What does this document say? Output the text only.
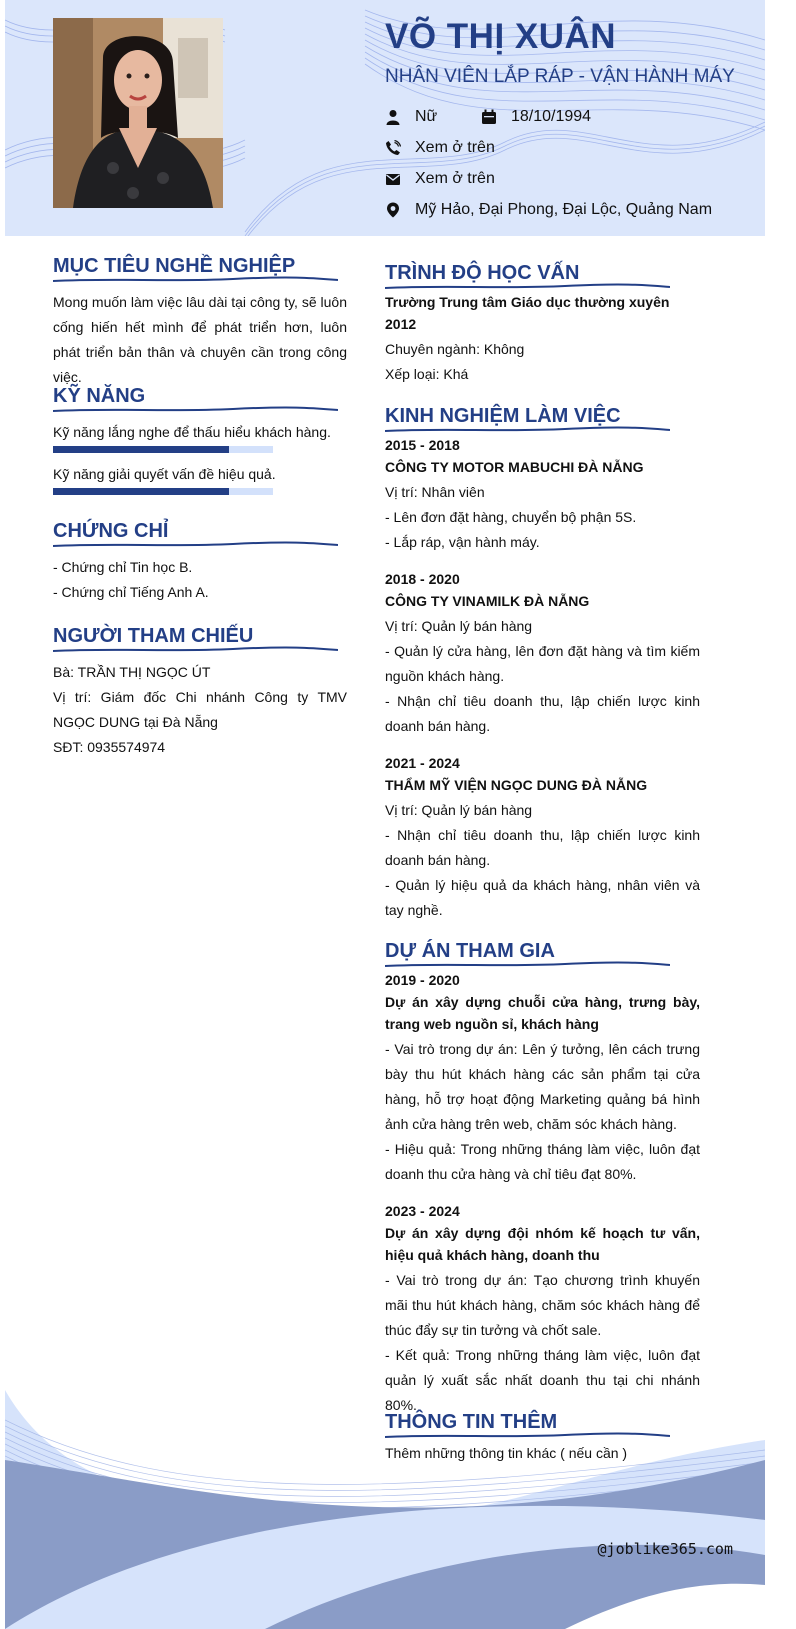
VÕ THỊ XUÂN
NHÂN VIÊN LẮP RÁP - VẬN HÀNH MÁY
Nữ	18/10/1994
Xem ở trên
Xem ở trên
Mỹ Hảo, Đại Phong, Đại Lộc, Quảng Nam
MỤC TIÊU NGHỀ NGHIỆP
Mong muốn làm việc lâu dài tại công ty, sẽ luôn cống hiến hết mình để phát triển hơn, luôn phát triển bản thân và chuyên cần trong công việc.
KỸ NĂNG
Kỹ năng lắng nghe để thấu hiểu khách hàng.
Kỹ năng giải quyết vấn đề hiệu quả.
CHỨNG CHỈ
- Chứng chỉ Tin học B.
- Chứng chỉ Tiếng Anh A.
NGƯỜI THAM CHIẾU
Bà: TRẦN THỊ NGỌC ÚT
Vị trí: Giám đốc Chi nhánh Công ty TMV NGỌC DUNG tại Đà Nẵng
SĐT: 0935574974
TRÌNH ĐỘ HỌC VẤN
Trường Trung tâm Giáo dục thường xuyên
2012
Chuyên ngành: Không
Xếp loại: Khá
KINH NGHIỆM LÀM VIỆC
2015 - 2018
CÔNG TY MOTOR MABUCHI ĐÀ NẴNG
Vị trí: Nhân viên
- Lên đơn đặt hàng, chuyển bộ phận 5S.
- Lắp ráp, vận hành máy.
2018 - 2020
CÔNG TY VINAMILK ĐÀ NẴNG
Vị trí: Quản lý bán hàng
- Quản lý cửa hàng, lên đơn đặt hàng và tìm kiếm nguồn khách hàng.
- Nhận chỉ tiêu doanh thu, lập chiến lược kinh doanh bán hàng.
2021 - 2024
THẨM MỸ VIỆN NGỌC DUNG ĐÀ NẴNG
Vị trí: Quản lý bán hàng
- Nhận chỉ tiêu doanh thu, lập chiến lược kinh doanh bán hàng.
- Quản lý hiệu quả da khách hàng, nhân viên và tay nghề.
DỰ ÁN THAM GIA
2019 - 2020
Dự án xây dựng chuỗi cửa hàng, trưng bày, trang web nguồn sỉ, khách hàng
- Vai trò trong dự án: Lên ý tưởng, lên cách trưng bày thu hút khách hàng các sản phẩm tại cửa hàng, hỗ trợ hoạt động Marketing quảng bá hình ảnh cửa hàng trên web, chăm sóc khách hàng.
- Hiệu quả: Trong những tháng làm việc, luôn đạt doanh thu cửa hàng và chỉ tiêu đạt 80%.
2023 - 2024
Dự án xây dựng đội nhóm kế hoạch tư vấn, hiệu quả khách hàng, doanh thu
- Vai trò trong dự án: Tạo chương trình khuyến mãi thu hút khách hàng, chăm sóc khách hàng để thúc đẩy sự tin tưởng và chốt sale.
- Kết quả: Trong những tháng làm việc, luôn đạt quản lý xuất sắc nhất doanh thu tại chi nhánh 80%.
THÔNG TIN THÊM
Thêm những thông tin khác ( nếu cần )
@joblike365.com
